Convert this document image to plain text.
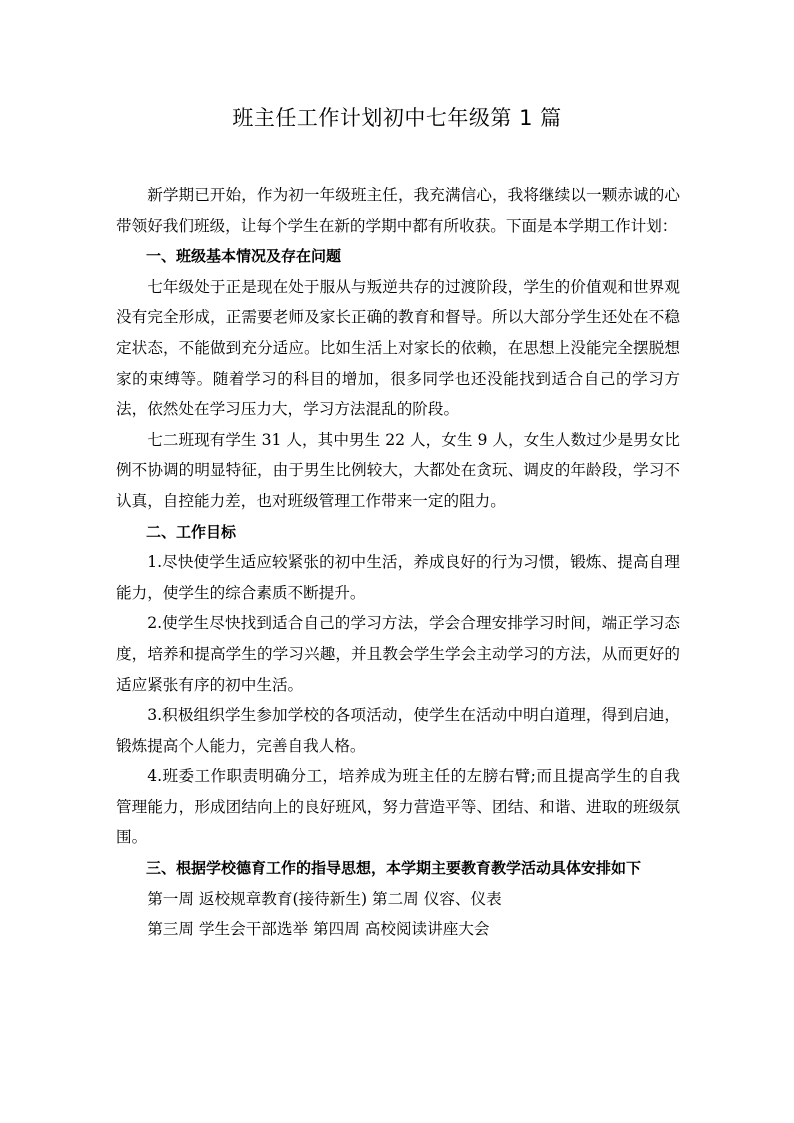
班主任工作计划初中七年级第 1 篇

新学期已开始，作为初一年级班主任，我充满信心，我将继续以一颗赤诚的心带领好我们班级，让每个学生在新的学期中都有所收获。下面是本学期工作计划：

一、班级基本情况及存在问题

七年级处于正是现在处于服从与叛逆共存的过渡阶段，学生的价值观和世界观没有完全形成，正需要老师及家长正确的教育和督导。所以大部分学生还处在不稳定状态，不能做到充分适应。比如生活上对家长的依赖，在思想上没能完全摆脱想家的束缚等。随着学习的科目的增加，很多同学也还没能找到适合自己的学习方法，依然处在学习压力大，学习方法混乱的阶段。

七二班现有学生 31 人，其中男生 22 人，女生 9 人，女生人数过少是男女比例不协调的明显特征，由于男生比例较大，大都处在贪玩、调皮的年龄段，学习不认真，自控能力差，也对班级管理工作带来一定的阻力。

二、工作目标

1.尽快使学生适应较紧张的初中生活，养成良好的行为习惯，锻炼、提高自理能力，使学生的综合素质不断提升。

2.使学生尽快找到适合自己的学习方法，学会合理安排学习时间，端正学习态度，培养和提高学生的学习兴趣，并且教会学生学会主动学习的方法，从而更好的适应紧张有序的初中生活。

3.积极组织学生参加学校的各项活动，使学生在活动中明白道理，得到启迪，锻炼提高个人能力，完善自我人格。

4.班委工作职责明确分工，培养成为班主任的左膀右臂;而且提高学生的自我管理能力，形成团结向上的良好班风，努力营造平等、团结、和谐、进取的班级氛围。

三、根据学校德育工作的指导思想，本学期主要教育教学活动具体安排如下

第一周 返校规章教育(接待新生) 第二周 仪容、仪表

第三周 学生会干部选举 第四周 高校阅读讲座大会
